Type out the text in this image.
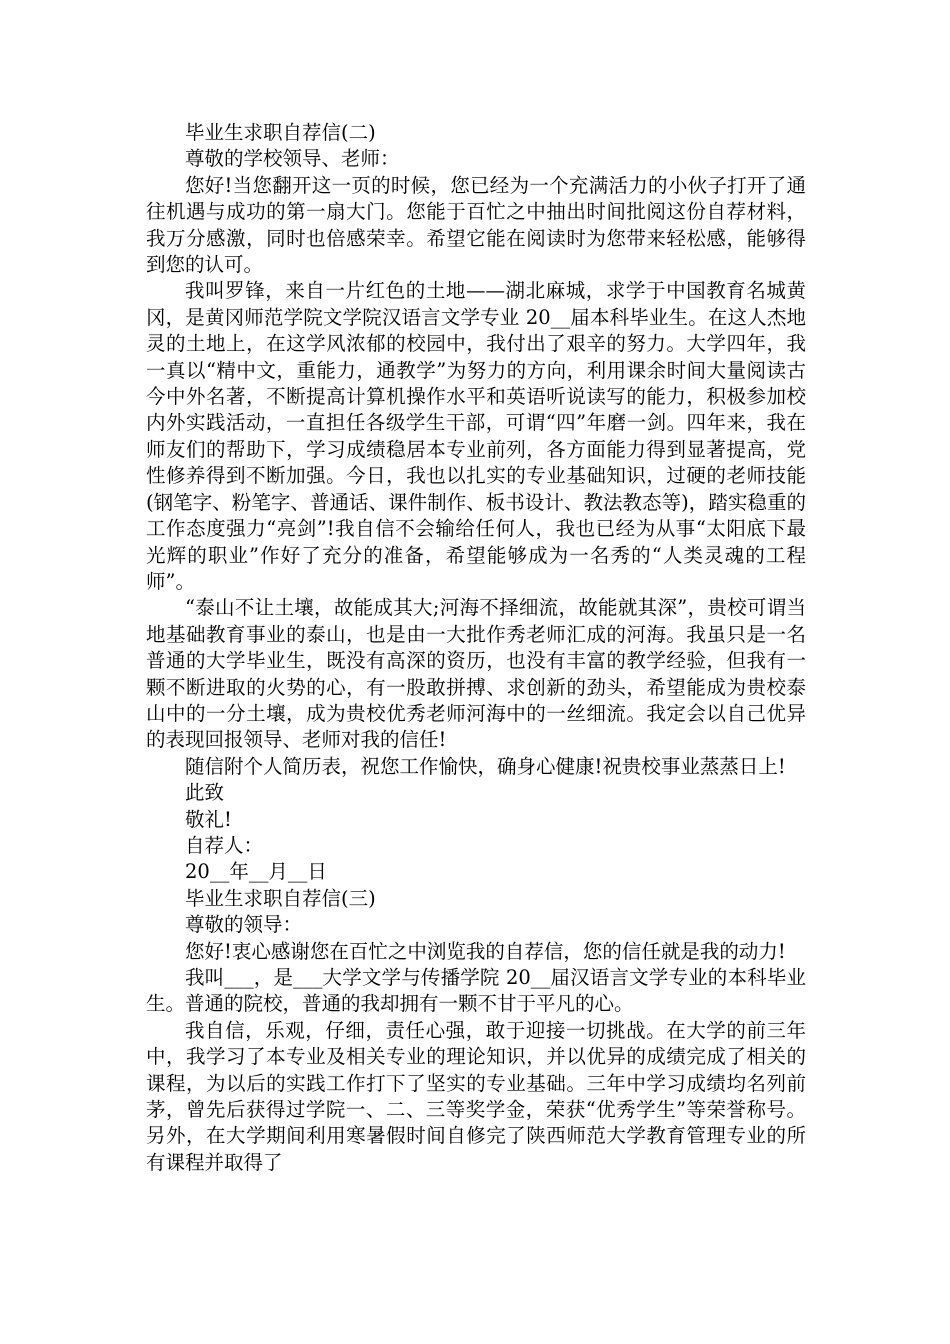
毕业生求职自荐信(二)

尊敬的学校领导、老师：

您好!当您翻开这一页的时候，您已经为一个充满活力的小伙子打开了通往机遇与成功的第一扇大门。您能于百忙之中抽出时间批阅这份自荐材料，我万分感激，同时也倍感荣幸。希望它能在阅读时为您带来轻松感，能够得到您的认可。

我叫罗锋，来自一片红色的土地——湖北麻城，求学于中国教育名城黄冈，是黄冈师范学院文学院汉语言文学专业 20__届本科毕业生。在这人杰地灵的土地上，在这学风浓郁的校园中，我付出了艰辛的努力。大学四年，我一真以“精中文，重能力，通教学”为努力的方向，利用课余时间大量阅读古今中外名著，不断提高计算机操作水平和英语听说读写的能力，积极参加校内外实践活动，一直担任各级学生干部，可谓“四”年磨一剑。四年来，我在师友们的帮助下，学习成绩稳居本专业前列，各方面能力得到显著提高，党性修养得到不断加强。今日，我也以扎实的专业基础知识，过硬的老师技能(钢笔字、粉笔字、普通话、课件制作、板书设计、教法教态等)，踏实稳重的工作态度强力“亮剑”!我自信不会输给任何人，我也已经为从事“太阳底下最光辉的职业”作好了充分的准备，希望能够成为一名秀的“人类灵魂的工程师”。

“泰山不让土壤，故能成其大;河海不择细流，故能就其深”，贵校可谓当地基础教育事业的泰山，也是由一大批作秀老师汇成的河海。我虽只是一名普通的大学毕业生，既没有高深的资历，也没有丰富的教学经验，但我有一颗不断进取的火势的心，有一股敢拼搏、求创新的劲头，希望能成为贵校泰山中的一分土壤，成为贵校优秀老师河海中的一丝细流。我定会以自己优异的表现回报领导、老师对我的信任!

随信附个人简历表，祝您工作愉快，确身心健康!祝贵校事业蒸蒸日上!

此致

敬礼!

自荐人：

20__年__月__日

毕业生求职自荐信(三)

尊敬的领导：

您好!衷心感谢您在百忙之中浏览我的自荐信，您的信任就是我的动力!

我叫___，是___大学文学与传播学院 20__届汉语言文学专业的本科毕业生。普通的院校，普通的我却拥有一颗不甘于平凡的心。

我自信，乐观，仔细，责任心强，敢于迎接一切挑战。在大学的前三年中，我学习了本专业及相关专业的理论知识，并以优异的成绩完成了相关的课程，为以后的实践工作打下了坚实的专业基础。三年中学习成绩均名列前茅，曾先后获得过学院一、二、三等奖学金，荣获“优秀学生”等荣誉称号。另外，在大学期间利用寒暑假时间自修完了陕西师范大学教育管理专业的所有课程并取得了
